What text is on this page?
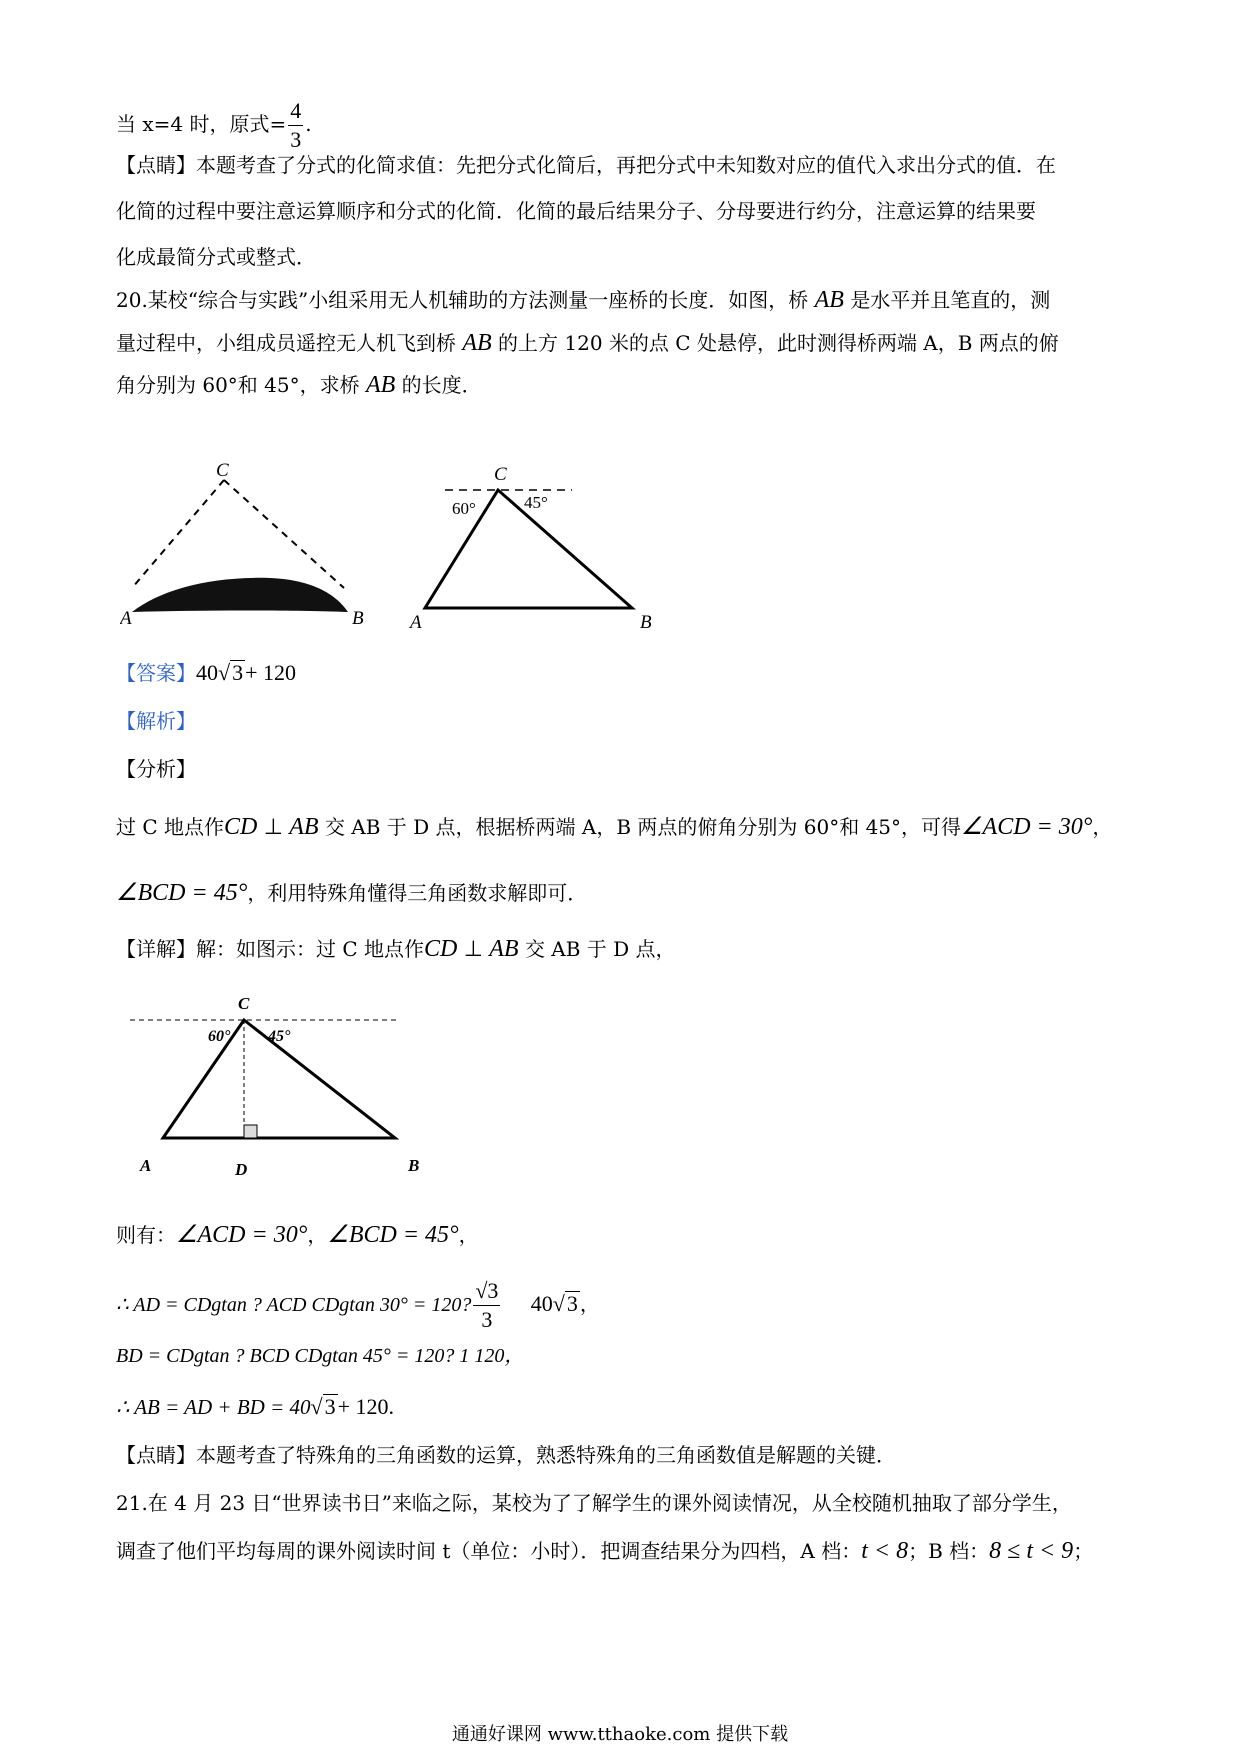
当 x=4 时，原式= $\frac{4}{3}$ .
【点睛】本题考查了分式的化简求值：先把分式化简后，再把分式中未知数对应的值代入求出分式的值．在
化简的过程中要注意运算顺序和分式的化简．化简的最后结果分子、分母要进行约分，注意运算的结果要
化成最简分式或整式．
20.某校“综合与实践”小组采用无人机辅助的方法测量一座桥的长度．如图，桥 AB 是水平并且笔直的，测
量过程中，小组成员遥控无人机飞到桥 AB 的上方 120 米的点 C 处悬停，此时测得桥两端 A，B 两点的俯
角分别为 60°和 45°，求桥 AB 的长度．
C
A	B
C
A	B
60°	45°
【答案】40√3+ 120
【解析】
【分析】
过 C 地点作CD ⊥ AB 交 AB 于 D 点，根据桥两端 A，B 两点的俯角分别为 60°和 45°，可得∠ACD = 30°，
∠BCD = 45°，利用特殊角懂得三角函数求解即可．
【详解】解：如图示：过 C 地点作CD ⊥ AB 交 AB 于 D 点，
C
A	B
D
60° 45°
则有：∠ACD = 30°，∠BCD = 45°，
∴ AD = CDgtan ? ACD CDgtan 30° = 120? $\frac{√3}{3} 40√3$ ，
BD = CDgtan ? BCD CDgtan 45° = 120? 1 120，
∴ AB = AD + BD = 40√3+ 120.
【点睛】本题考查了特殊角的三角函数的运算，熟悉特殊角的三角函数值是解题的关键．
21.在 4 月 23 日“世界读书日”来临之际，某校为了了解学生的课外阅读情况，从全校随机抽取了部分学生，
调查了他们平均每周的课外阅读时间 t（单位：小时）．把调查结果分为四档，A 档：t < 8；B 档：8 ≤ t < 9；
通通好课网 www.tthaoke.com 提供下载
